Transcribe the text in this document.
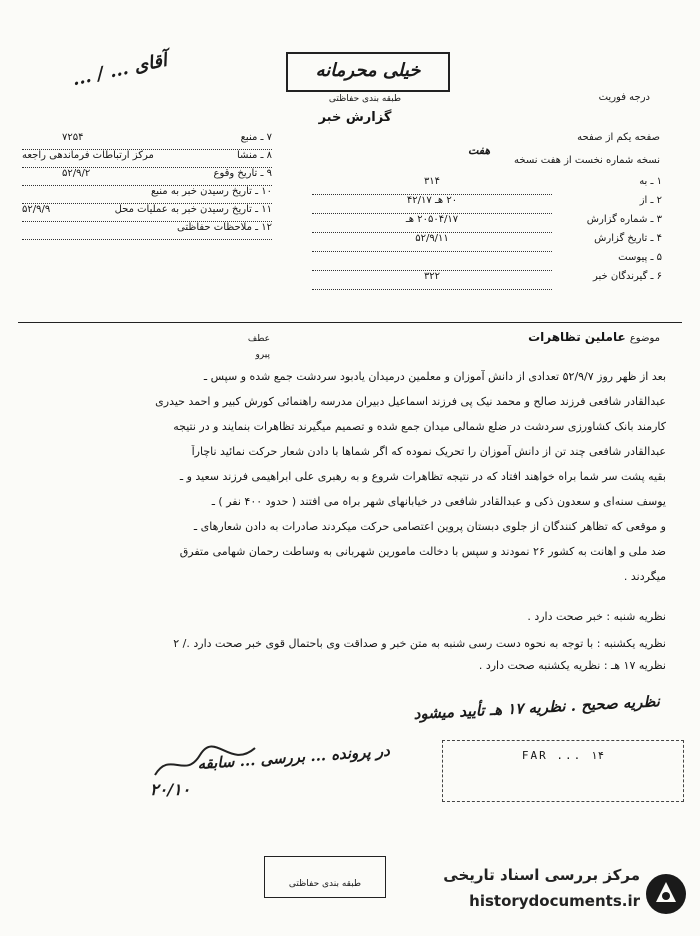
آقای ... / ...	خیلی محرمانه
طبقه بندی حفاظتی
گزارش خبر
درجه فوریت
۷ ـ منبع
۷۲۵۴
۸ ـ منشا
مرکز ارتباطات فرماندهی راجعه
۹ ـ تاریخ وقوع
۵۲/۹/۲
۱۰ ـ تاریخ رسیدن خبر به منبع
۱۱ ـ تاریخ رسیدن خبر به عملیات محل
۵۲/۹/۹
۱۲ ـ ملاحظات حفاظتی
صفحه یکم از صفحه
نسخه شماره نخست از هفت نسخه
هفت
۱ ـ به
۳۱۴
۲ ـ از
۲۰ هـ ۴۲/۱۷
۳ ـ شماره گزارش
۲۰۵۰۴/۱۷ هـ
۴ ـ تاریخ گزارش
۵۲/۹/۱۱
۵ ـ پیوست
۶ ـ گیرندگان خبر
۳۲۲
موضوع عاملین تظاهرات
عطف
پیرو
بعد از ظهر روز ۵۲/۹/۷ تعدادی از دانش آموزان و معلمین درمیدان یادبود سردشت جمع شده و سپس ـ
عبدالقادر شافعی فرزند صالح و محمد نیک پی فرزند اسماعیل دبیران مدرسه راهنمائی کورش کبیر و احمد حیدری
کارمند بانک کشاورزی سردشت در ضلع شمالی میدان جمع شده و تصمیم میگیرند تظاهرات بنمایند و در نتیجه
عبدالقادر شافعی چند تن از دانش آموزان را تحریک نموده که اگر شماها با دادن شعار حرکت نمائید ناچاراً
بقیه پشت سر شما براه خواهند افتاد که در نتیجه تظاهرات شروع و به رهبری علی ابراهیمی فرزند سعید و ـ
یوسف سنه‌ای و سعدون ذکی و عبدالقادر شافعی در خیابانهای شهر براه می افتند ( حدود ۴۰۰ نفر ) ـ
و موقعی که تظاهر کنندگان از جلوی دبستان پروین اعتصامی حرکت میکردند صادرات به دادن شعارهای ـ
ضد ملی و اهانت به کشور ۲۶ نمودند و سپس با دخالت مامورین شهربانی به وساطت رحمان شهامی متفرق
میگردند .
نظریه شنبه : خبر صحت دارد .
نظریه یکشنبه : با توجه به نحوه دست رسی شنبه به متن خبر و صداقت وی باحتمال قوی خبر صحت دارد ./ ۲
نظریه ۱۷ هـ : نظریه یکشنبه صحت دارد .
نظریه صحیح . نظریه ۱۷ هـ تأیید میشود
در پرونده ... بررسی ... سابقه
۲۰/۱۰
FAR ... ۱۴
طبقه بندی حفاظتی	مرکز بررسی اسناد تاریخی
historydocuments.ir
